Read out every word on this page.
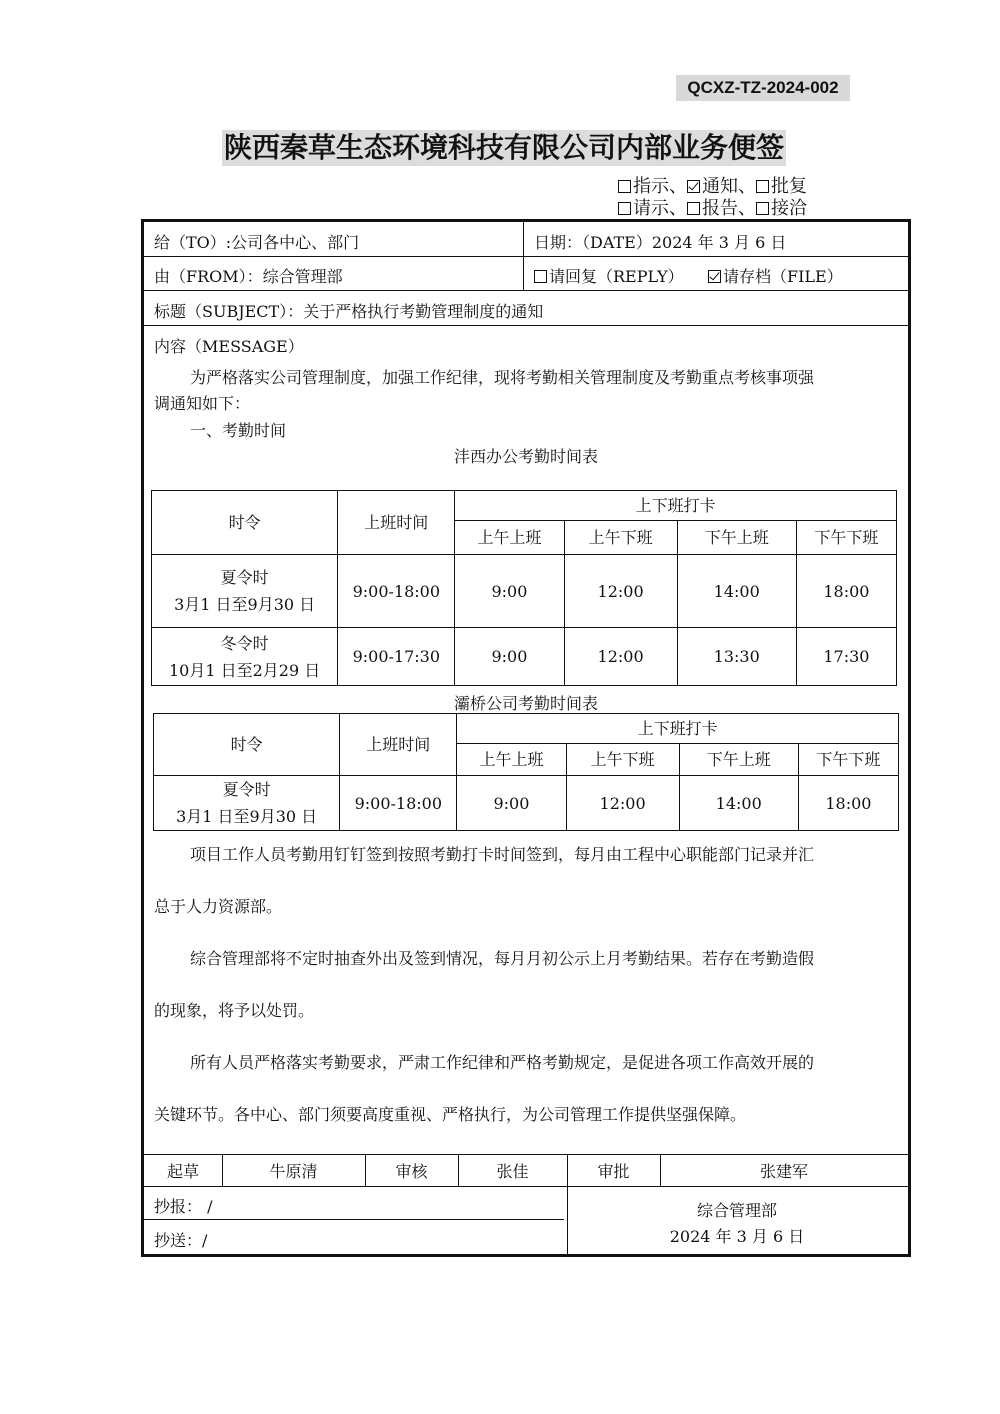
QCXZ-TZ-2024-002
陕西秦草生态环境科技有限公司内部业务便签
指示、 通知、 批复
请示、 报告、 接洽
给（TO）:公司各中心、部门	日期：（DATE）2024 年 3 月 6 日
由（FROM）：综合管理部	请回复（REPLY）	请存档（FILE）
标题（SUBJECT）：关于严格执行考勤管理制度的通知
内容（MESSAGE）
为严格落实公司管理制度，加强工作纪律，现将考勤相关管理制度及考勤重点考核事项强
调通知如下：
一、考勤时间
沣西办公考勤时间表
时令	上班时间	上下班打卡			
		上午上班	上午下班	下午上班	下午下班

夏令时
3月1 日至9月30 日	9:00-18:00	9:00	12:00	14:00	18:00

冬令时
10月1 日至2月29 日	9:00-17:30	9:00	12:00	13:30	17:30
灞桥公司考勤时间表
时令	上班时间	上下班打卡			
		上午上班	上午下班	下午上班	下午下班

夏令时
3月1 日至9月30 日	9:00-18:00	9:00	12:00	14:00	18:00
项目工作人员考勤用钉钉签到按照考勤打卡时间签到，每月由工程中心职能部门记录并汇
总于人力资源部。
综合管理部将不定时抽查外出及签到情况，每月月初公示上月考勤结果。若存在考勤造假
的现象，将予以处罚。
所有人员严格落实考勤要求，严肃工作纪律和严格考勤规定，是促进各项工作高效开展的
关键环节。各中心、部门须要高度重视、严格执行，为公司管理工作提供坚强保障。
起草	牛原清	审核	张佳	审批	张建军
抄报： /
抄送：/
综合管理部
2024 年 3 月 6 日
